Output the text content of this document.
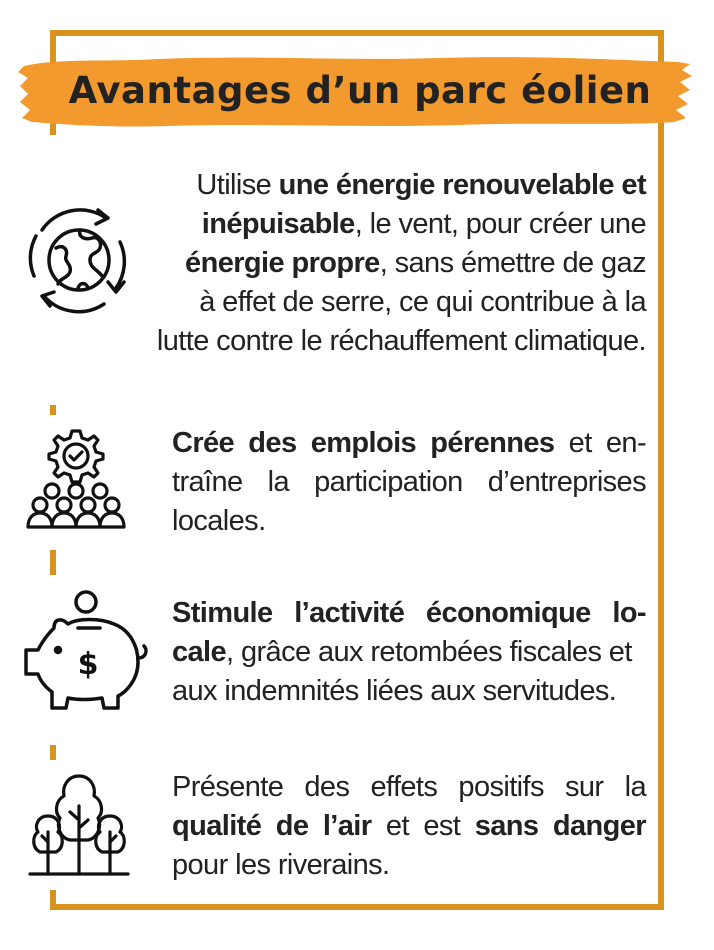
Avantages d’un parc éolien

Utilise une énergie renouvelable et
inépuisable, le vent, pour créer une
énergie propre, sans émettre de gaz
à effet de serre, ce qui contribue à la
lutte contre le réchauffement climatique.

Crée des emplois pérennes et en-
traîne la participation d’entreprises
locales.

$

Stimule l’activité économique lo-
cale, grâce aux retombées fiscales et
aux indemnités liées aux servitudes.

Présente des effets positifs sur la
qualité de l’air et est sans danger
pour les riverains.
